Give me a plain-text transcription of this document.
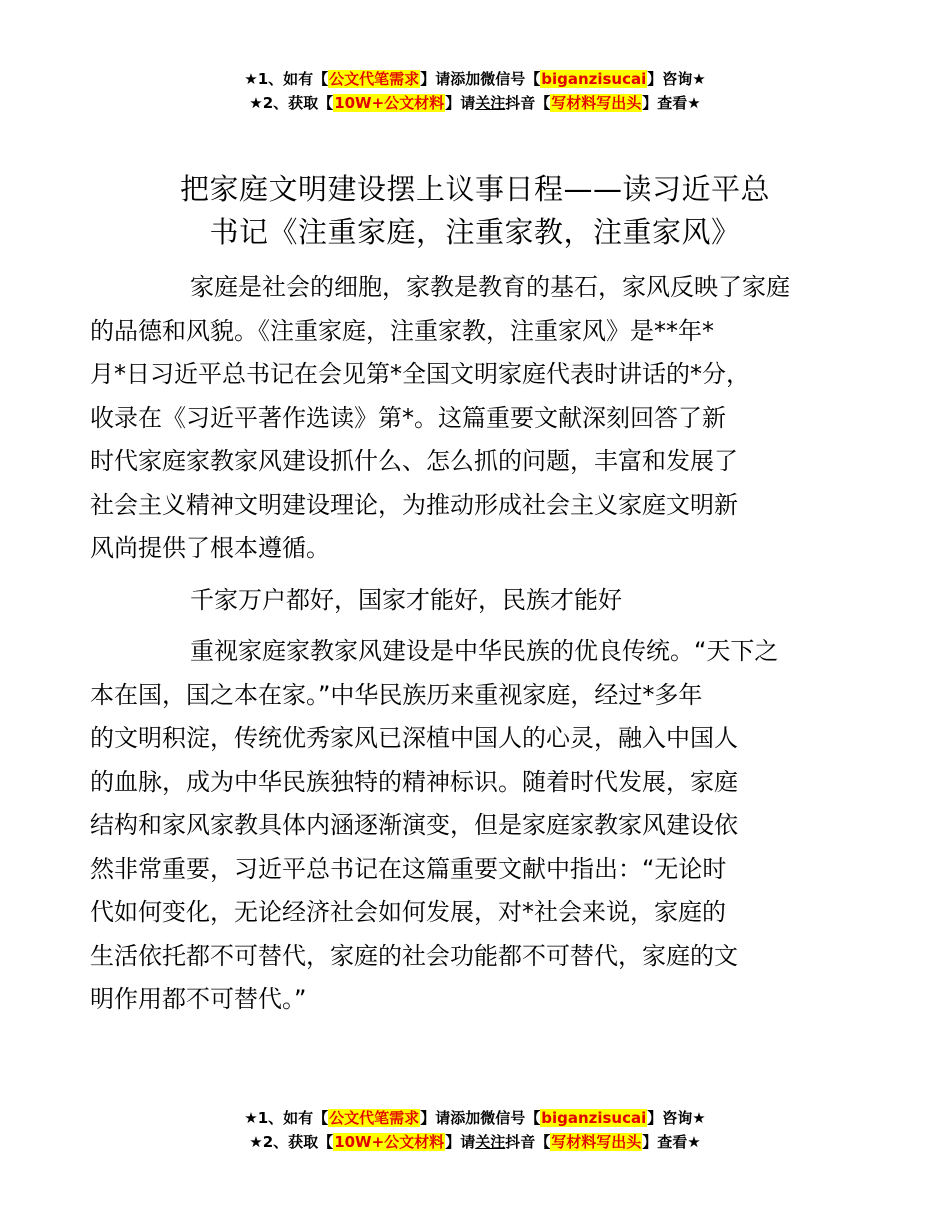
★1、如有【公文代笔需求】请添加微信号【biganzisucai】咨询★
★2、获取【10W+公文材料】请关注抖音【写材料写出头】查看★
把家庭文明建设摆上议事日程——读习近平总
书记《注重家庭，注重家教，注重家风》
家庭是社会的细胞，家教是教育的基石，家风反映了家庭
的品德和风貌。《注重家庭，注重家教，注重家风》是**年*
月*日习近平总书记在会见第*全国文明家庭代表时讲话的*分，
收录在《习近平著作选读》第*。这篇重要文献深刻回答了新
时代家庭家教家风建设抓什么、怎么抓的问题，丰富和发展了
社会主义精神文明建设理论，为推动形成社会主义家庭文明新
风尚提供了根本遵循。
千家万户都好，国家才能好，民族才能好
重视家庭家教家风建设是中华民族的优良传统。“天下之
本在国，国之本在家。”中华民族历来重视家庭，经过*多年
的文明积淀，传统优秀家风已深植中国人的心灵，融入中国人
的血脉，成为中华民族独特的精神标识。随着时代发展，家庭
结构和家风家教具体内涵逐渐演变，但是家庭家教家风建设依
然非常重要，习近平总书记在这篇重要文献中指出：“无论时
代如何变化，无论经济社会如何发展，对*社会来说，家庭的
生活依托都不可替代，家庭的社会功能都不可替代，家庭的文
明作用都不可替代。”
★1、如有【公文代笔需求】请添加微信号【biganzisucai】咨询★
★2、获取【10W+公文材料】请关注抖音【写材料写出头】查看★
